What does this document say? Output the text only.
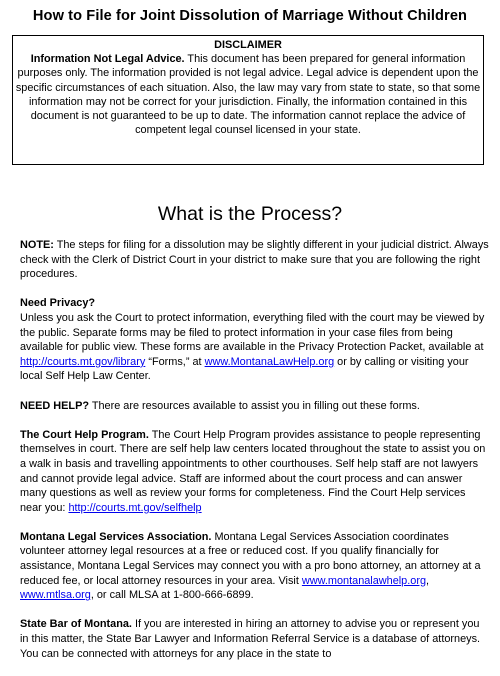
How to File for Joint Dissolution of Marriage Without Children
DISCLAIMER
Information Not Legal Advice. This document has been prepared for general information purposes only. The information provided is not legal advice. Legal advice is dependent upon the specific circumstances of each situation. Also, the law may vary from state to state, so that some information may not be correct for your jurisdiction. Finally, the information contained in this document is not guaranteed to be up to date. The information cannot replace the advice of competent legal counsel licensed in your state.
What is the Process?

NOTE: The steps for filing for a dissolution may be slightly different in your judicial district. Always check with the Clerk of District Court in your district to make sure that you are following the right procedures.

Need Privacy?
Unless you ask the Court to protect information, everything filed with the court may be viewed by the public. Separate forms may be filed to protect information in your case files from being available for public view. These forms are available in the Privacy Protection Packet, available at http://courts.mt.gov/library “Forms,” at www.MontanaLawHelp.org or by calling or visiting your local Self Help Law Center.

NEED HELP? There are resources available to assist you in filling out these forms.

The Court Help Program. The Court Help Program provides assistance to people representing themselves in court. There are self help law centers located throughout the state to assist you on a walk in basis and travelling appointments to other courthouses. Self help staff are not lawyers and cannot provide legal advice. Staff are informed about the court process and can answer many questions as well as review your forms for completeness. Find the Court Help services near you: http://courts.mt.gov/selfhelp

Montana Legal Services Association. Montana Legal Services Association coordinates volunteer attorney legal resources at a free or reduced cost. If you qualify financially for assistance, Montana Legal Services may connect you with a pro bono attorney, an attorney at a reduced fee, or local attorney resources in your area. Visit www.montanalawhelp.org, www.mtlsa.org, or call MLSA at 1-800-666-6899.

State Bar of Montana. If you are interested in hiring an attorney to advise you or represent you in this matter, the State Bar Lawyer and Information Referral Service is a database of attorneys. You can be connected with attorneys for any place in the state to
